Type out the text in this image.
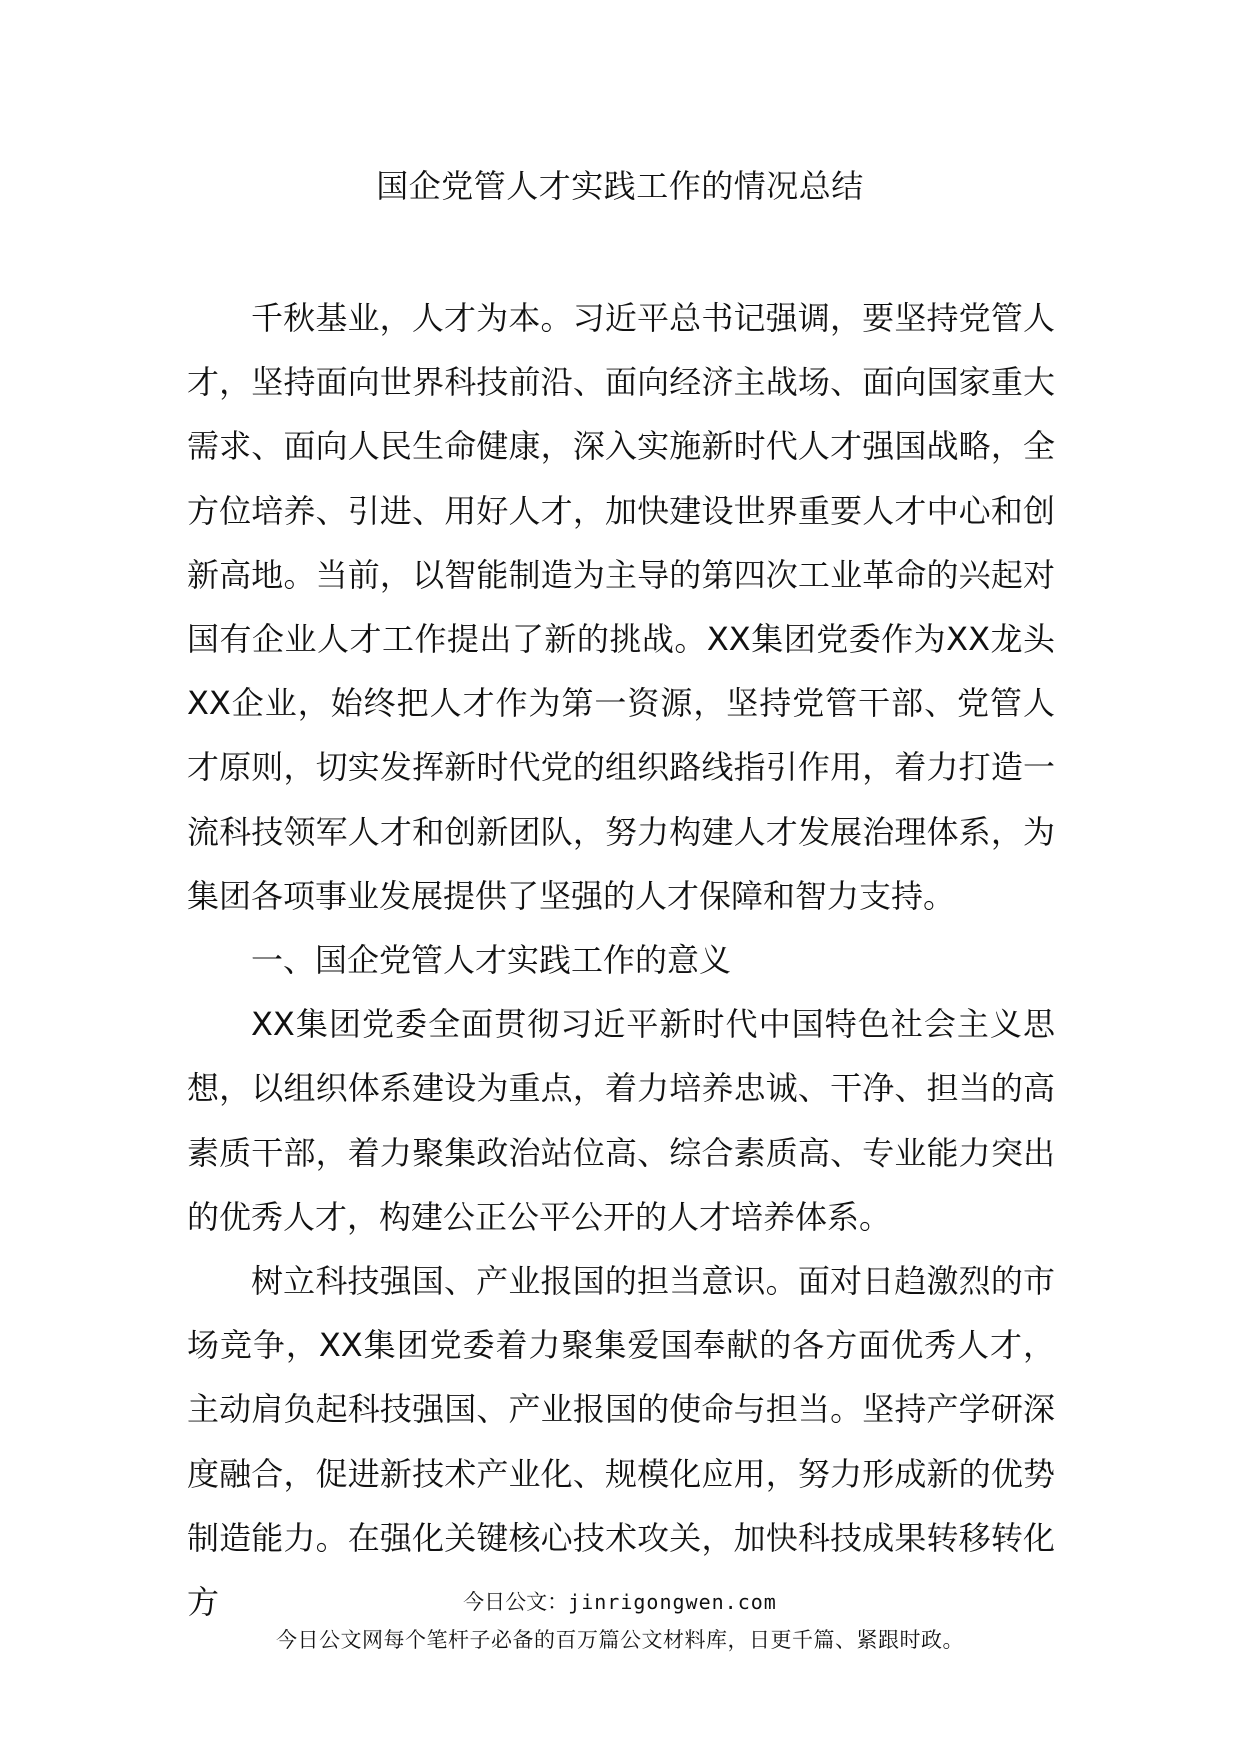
国企党管人才实践工作的情况总结

千秋基业，人才为本。习近平总书记强调，要坚持党管人才，坚持面向世界科技前沿、面向经济主战场、面向国家重大需求、面向人民生命健康，深入实施新时代人才强国战略，全方位培养、引进、用好人才，加快建设世界重要人才中心和创新高地。当前，以智能制造为主导的第四次工业革命的兴起对国有企业人才工作提出了新的挑战。XX集团党委作为XX龙头XX企业，始终把人才作为第一资源，坚持党管干部、党管人才原则，切实发挥新时代党的组织路线指引作用，着力打造一流科技领军人才和创新团队，努力构建人才发展治理体系，为集团各项事业发展提供了坚强的人才保障和智力支持。

一、国企党管人才实践工作的意义

XX集团党委全面贯彻习近平新时代中国特色社会主义思想，以组织体系建设为重点，着力培养忠诚、干净、担当的高素质干部，着力聚集政治站位高、综合素质高、专业能力突出的优秀人才，构建公正公平公开的人才培养体系。

树立科技强国、产业报国的担当意识。面对日趋激烈的市场竞争，XX集团党委着力聚集爱国奉献的各方面优秀人才，主动肩负起科技强国、产业报国的使命与担当。坚持产学研深度融合，促进新技术产业化、规模化应用，努力形成新的优势制造能力。在强化关键核心技术攻关，加快科技成果转移转化方	今日公文：jinrigongwen.com
今日公文网每个笔杆子必备的百万篇公文材料库，日更千篇、紧跟时政。
